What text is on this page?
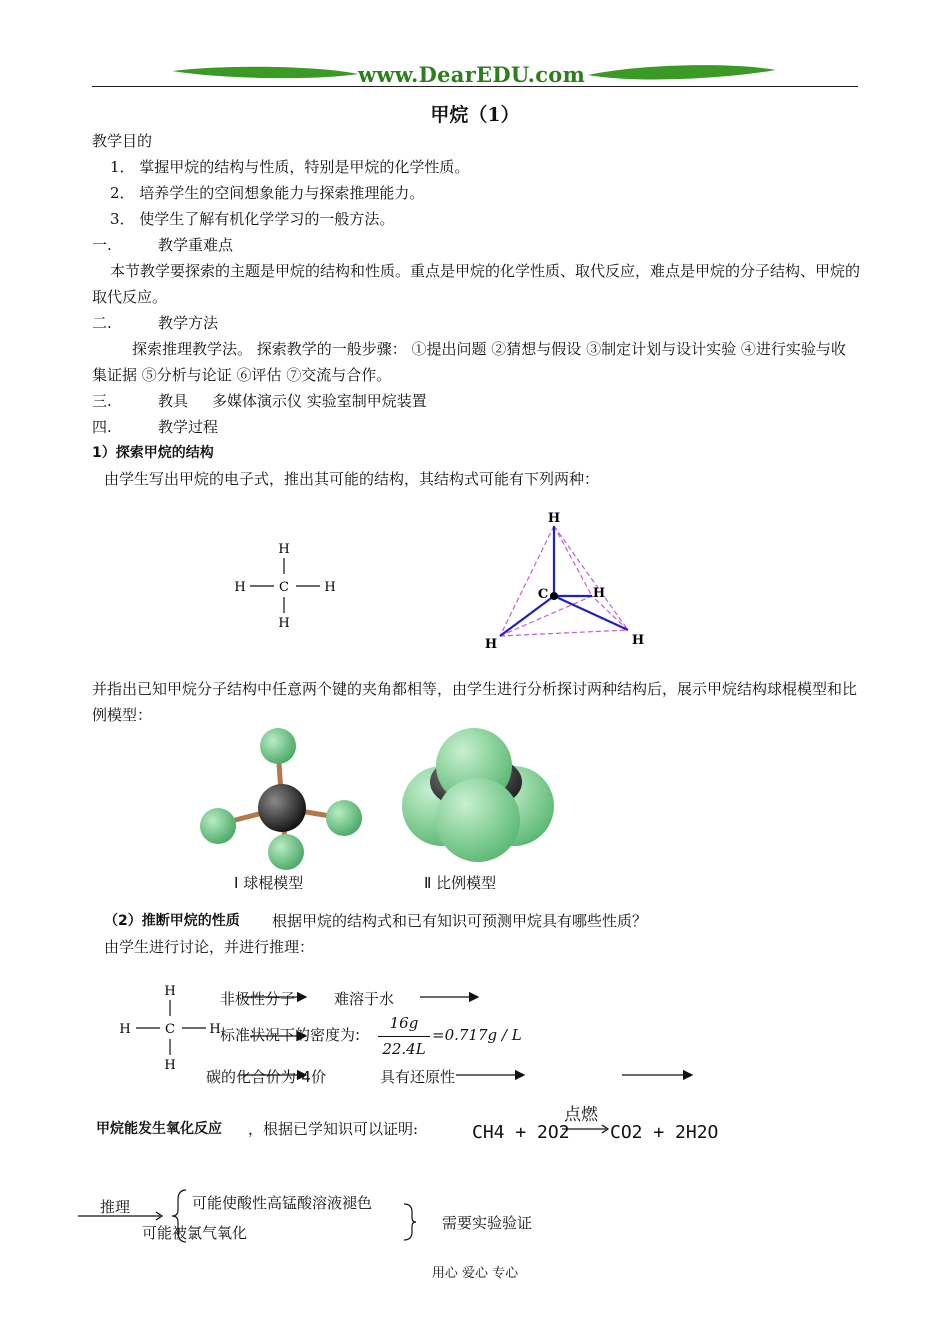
www.DearEDU.com
甲烷（1）
教学目的
1． 掌握甲烷的结构与性质，特别是甲烷的化学性质。
2． 培养学生的空间想象能力与探索推理能力。
3． 使学生了解有机化学学习的一般方法。
一.	教学重难点
本节教学要探索的主题是甲烷的结构和性质。重点是甲烷的化学性质、取代反应，难点是甲烷的分子结构、甲烷的取代反应。
二.	教学方法
探索推理教学法。 探索教学的一般步骤： ①提出问题 ②猜想与假设 ③制定计划与设计实验 ④进行实验与收集证据 ⑤分析与论证 ⑥评估 ⑦交流与合作。
三.	教具 多媒体演示仪 实验室制甲烷装置
四.	教学过程
1）探索甲烷的结构
由学生写出甲烷的电子式，推出其可能的结构，其结构式可能有下列两种：
H
H	C	H
H
H
C	H
H	H
并指出已知甲烷分子结构中任意两个键的夹角都相等，由学生进行分析探讨两种结构后，展示甲烷结构球棍模型和比例模型：
Ⅰ 球棍模型	Ⅱ 比例模型
（2）推断甲烷的性质 根据甲烷的结构式和已有知识可预测甲烷具有哪些性质？
由学生进行讨论，并进行推理：
H
H	C	H
H
非极性分子
标准状况下的密度为:
碳的化合价为-4价
难溶于水
具有还原性
16g
22.4L
=0.717g / L
甲烷能发生氧化反应 ，根据已学知识可以证明:	CH4 + 2O2
点燃
CO2 + 2H2O
推理	可能使酸性高锰酸溶液褪色
可能被氯气氧化
需要实验验证
用心 爱心 专心
